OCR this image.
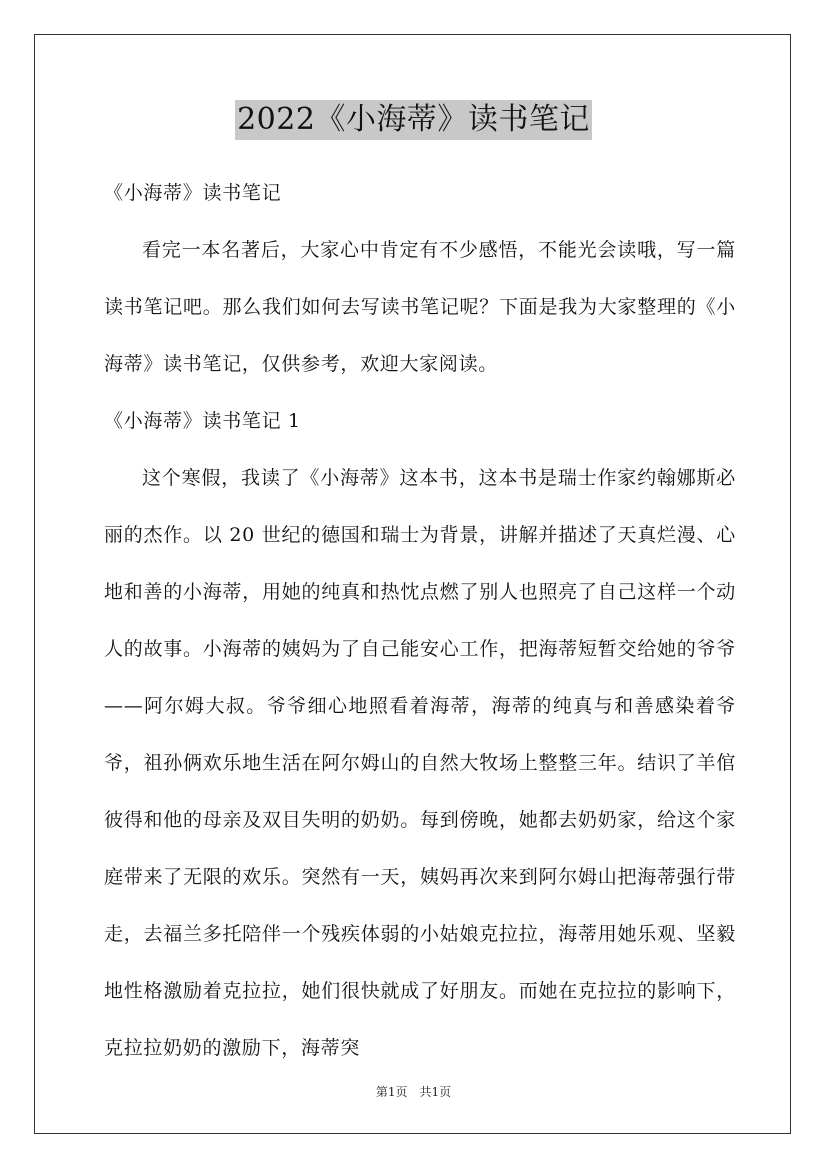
2022《小海蒂》读书笔记

《小海蒂》读书笔记

看完一本名著后，大家心中肯定有不少感悟，不能光会读哦，写一篇读书笔记吧。那么我们如何去写读书笔记呢？下面是我为大家整理的《小海蒂》读书笔记，仅供参考，欢迎大家阅读。

《小海蒂》读书笔记 1

这个寒假，我读了《小海蒂》这本书，这本书是瑞士作家约翰娜斯必丽的杰作。以 20 世纪的德国和瑞士为背景，讲解并描述了天真烂漫、心地和善的小海蒂，用她的纯真和热忱点燃了别人也照亮了自己这样一个动人的故事。小海蒂的姨妈为了自己能安心工作，把海蒂短暂交给她的爷爷——阿尔姆大叔。爷爷细心地照看着海蒂，海蒂的纯真与和善感染着爷爷，祖孙俩欢乐地生活在阿尔姆山的自然大牧场上整整三年。结识了羊倌彼得和他的母亲及双目失明的奶奶。每到傍晚，她都去奶奶家，给这个家庭带来了无限的欢乐。突然有一天，姨妈再次来到阿尔姆山把海蒂强行带走，去福兰多托陪伴一个残疾体弱的小姑娘克拉拉，海蒂用她乐观、坚毅地性格激励着克拉拉，她们很快就成了好朋友。而她在克拉拉的影响下，克拉拉奶奶的激励下，海蒂突

第1页　共1页
